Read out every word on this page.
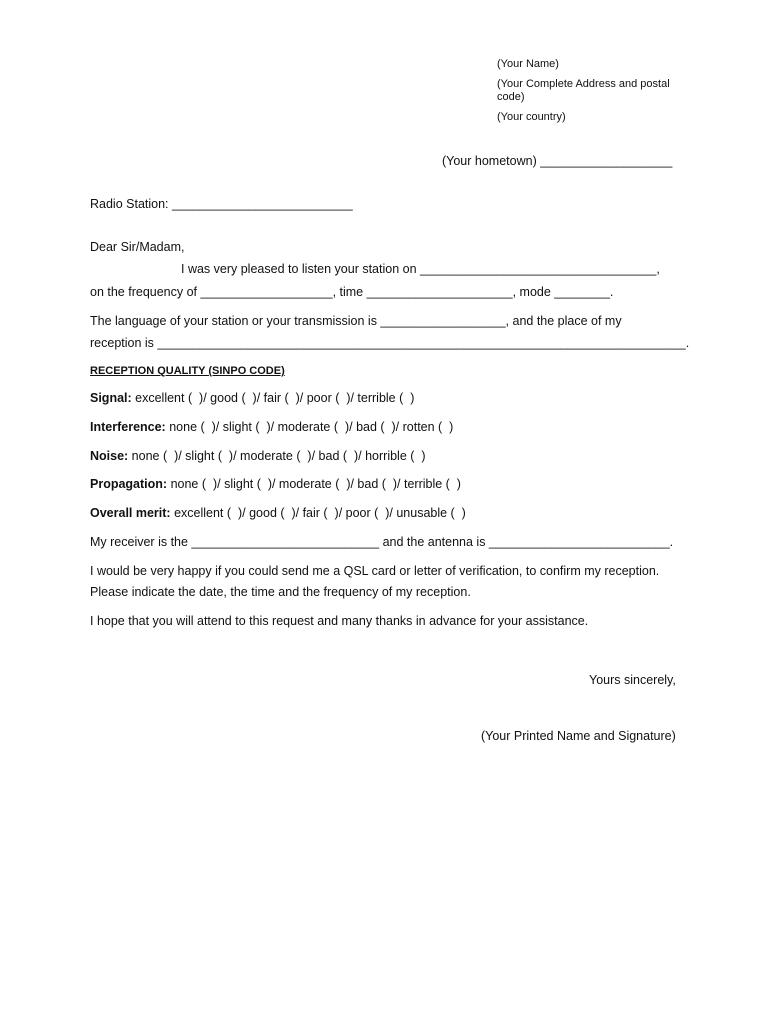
(Your Name)
(Your Complete Address and postal
code)
(Your country)
(Your hometown) ___________________
Radio Station: __________________________
Dear Sir/Madam,
I was very pleased to listen your station on __________________________________,
on the frequency of ___________________, time _____________________, mode ________.
The language of your station or your transmission is __________________, and the place of my
reception is ____________________________________________________________________________.
RECEPTION QUALITY (SINPO CODE)
Signal: excellent (  )/ good (  )/ fair (  )/ poor (  )/ terrible (  )
Interference: none (  )/ slight (  )/ moderate (  )/ bad (  )/ rotten (  )
Noise: none (  )/ slight (  )/ moderate (  )/ bad (  )/ horrible (  )
Propagation: none (  )/ slight (  )/ moderate (  )/ bad (  )/ terrible (  )
Overall merit: excellent (  )/ good (  )/ fair (  )/ poor (  )/ unusable (  )
My receiver is the ___________________________ and the antenna is __________________________.
I would be very happy if you could send me a QSL card or letter of verification, to confirm my reception.
Please indicate the date, the time and the frequency of my reception.
I hope that you will attend to this request and many thanks in advance for your assistance.
Yours sincerely,
(Your Printed Name and Signature)
